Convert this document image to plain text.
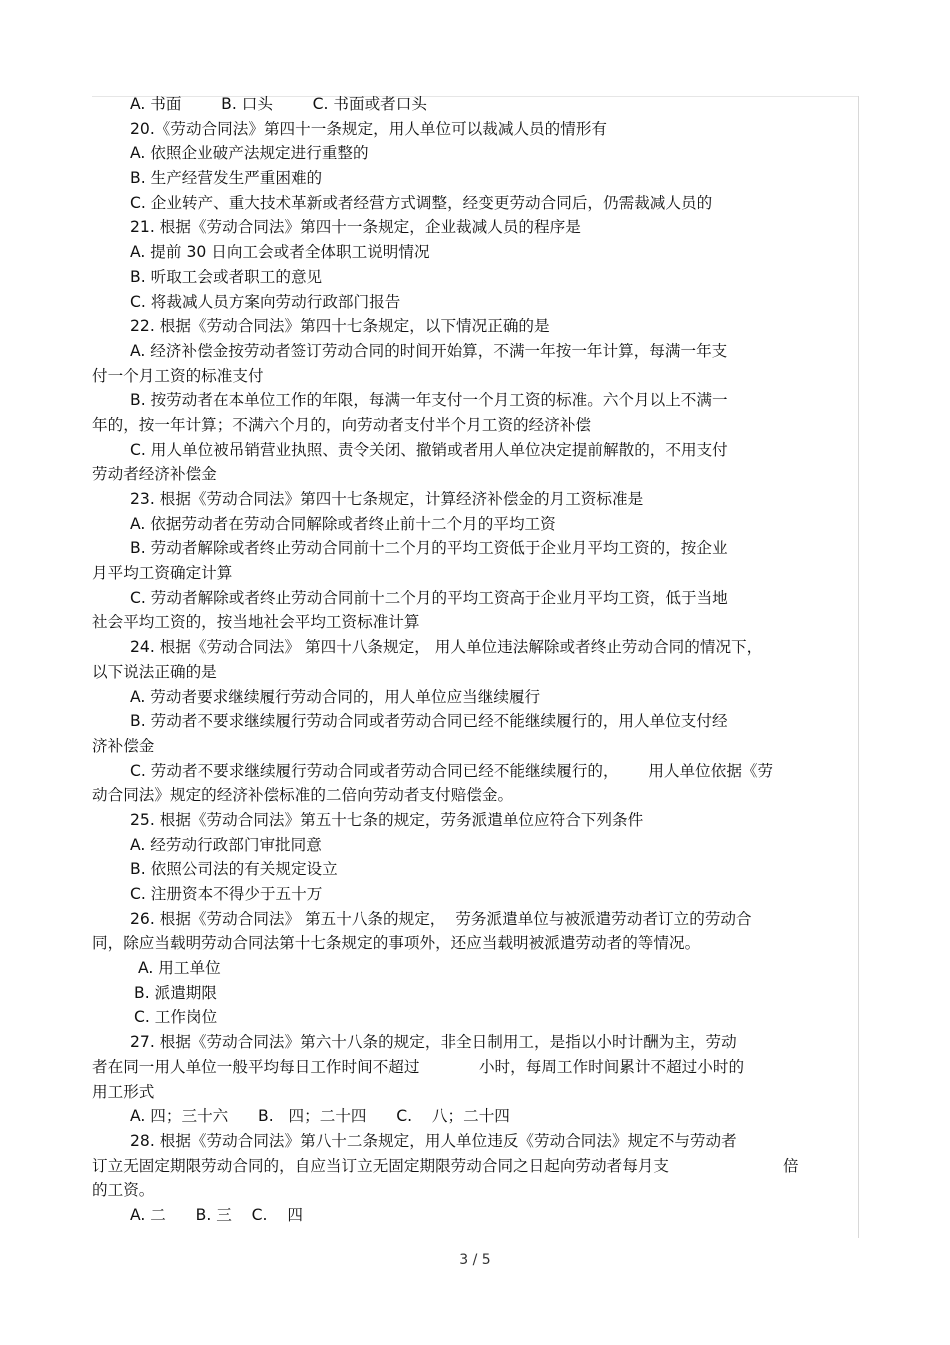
A. 书面        B. 口头        C. 书面或者口头
20.《劳动合同法》第四十一条规定，用人单位可以裁减人员的情形有
A. 依照企业破产法规定进行重整的
B. 生产经营发生严重困难的
C. 企业转产、重大技术革新或者经营方式调整，经变更劳动合同后，仍需裁减人员的
21. 根据《劳动合同法》第四十一条规定，企业裁减人员的程序是
A. 提前 30 日向工会或者全体职工说明情况
B. 听取工会或者职工的意见
C. 将裁减人员方案向劳动行政部门报告
22. 根据《劳动合同法》第四十七条规定，以下情况正确的是
A. 经济补偿金按劳动者签订劳动合同的时间开始算，不满一年按一年计算，每满一年支
付一个月工资的标准支付
B. 按劳动者在本单位工作的年限，每满一年支付一个月工资的标准。六个月以上不满一
年的，按一年计算；不满六个月的，向劳动者支付半个月工资的经济补偿
C. 用人单位被吊销营业执照、责令关闭、撤销或者用人单位决定提前解散的，不用支付
劳动者经济补偿金
23. 根据《劳动合同法》第四十七条规定，计算经济补偿金的月工资标准是
A. 依据劳动者在劳动合同解除或者终止前十二个月的平均工资
B. 劳动者解除或者终止劳动合同前十二个月的平均工资低于企业月平均工资的，按企业
月平均工资确定计算
C. 劳动者解除或者终止劳动合同前十二个月的平均工资高于企业月平均工资，低于当地
社会平均工资的，按当地社会平均工资标准计算
24. 根据《劳动合同法》 第四十八条规定， 用人单位违法解除或者终止劳动合同的情况下，
以下说法正确的是
A. 劳动者要求继续履行劳动合同的，用人单位应当继续履行
B. 劳动者不要求继续履行劳动合同或者劳动合同已经不能继续履行的，用人单位支付经
济补偿金
C. 劳动者不要求继续履行劳动合同或者劳动合同已经不能继续履行的，      用人单位依据《劳
动合同法》规定的经济补偿标准的二倍向劳动者支付赔偿金。
25. 根据《劳动合同法》第五十七条的规定，劳务派遣单位应符合下列条件
A. 经劳动行政部门审批同意
B. 依照公司法的有关规定设立
C. 注册资本不得少于五十万
26. 根据《劳动合同法》 第五十八条的规定，  劳务派遣单位与被派遣劳动者订立的劳动合
同，除应当载明劳动合同法第十七条规定的事项外，还应当载明被派遣劳动者的等情况。
A. 用工单位
B. 派遣期限
C. 工作岗位
27. 根据《劳动合同法》第六十八条的规定，非全日制用工，是指以小时计酬为主，劳动
者在同一用人单位一般平均每日工作时间不超过            小时，每周工作时间累计不超过小时的
用工形式
A. 四；三十六      B.   四；二十四      C.    八；二十四
28. 根据《劳动合同法》第八十二条规定，用人单位违反《劳动合同法》规定不与劳动者
订立无固定期限劳动合同的，自应当订立无固定期限劳动合同之日起向劳动者每月支                       倍
的工资。
A. 二      B. 三    C.    四
3 / 5
